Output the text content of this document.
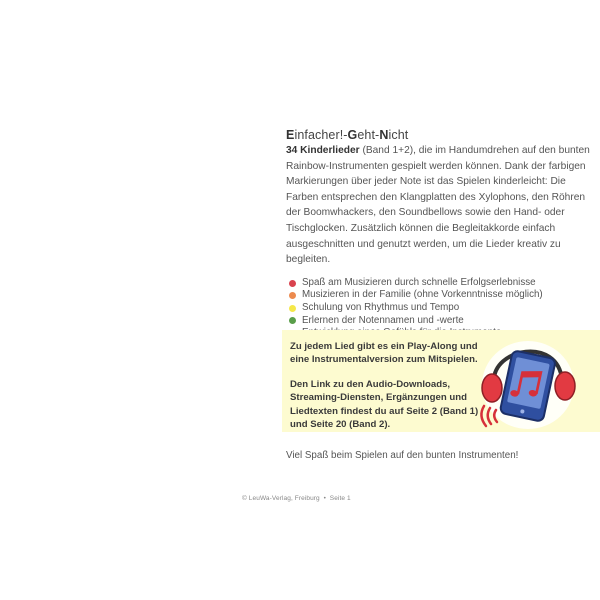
Einfacher!-Geht-Nicht

34 Kinderlieder (Band 1+2), die im Handumdrehen auf den bunten Rainbow-Instrumenten gespielt werden können. Dank der farbigen Markierungen über jeder Note ist das Spielen kinderleicht: Die Farben entsprechen den Klangplatten des Xylophons, den Röhren der Boomwhackers, den Soundbellows sowie den Hand- oder Tischglocken. Zusätzlich können die Begleitakkorde einfach ausgeschnitten und genutzt werden, um die Lieder kreativ zu begleiten.

Spaß am Musizieren durch schnelle Erfolgserlebnisse
Musizieren in der Familie (ohne Vorkenntnisse möglich)
Schulung von Rhythmus und Tempo
Erlernen der Notennamen und -werte

Zu jedem Lied gibt es ein Play-Along und eine Instrumentalversion zum Mitspielen.

Den Link zu den Audio-Downloads, Streaming-Diensten, Ergänzungen und Liedtexten findest du auf Seite 2 (Band 1) und Seite 20 (Band 2).

Viel Spaß beim Spielen auf den bunten Instrumenten!
© LeuWa-Verlag, Freiburg • Seite 1
